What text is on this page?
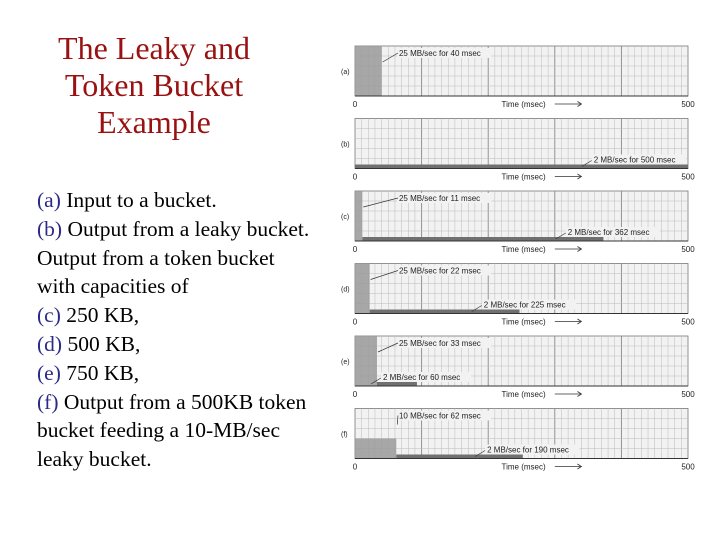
The Leaky and
Token Bucket
Example
(a) Input to a bucket.
(b) Output from a leaky bucket.
Output from a token bucket with capacities of
(c) 250 KB,
(d) 500 KB,
(e) 750 KB,
(f) Output from a 500KB token bucket feeding a 10-MB/sec leaky bucket.
(a)
0	500
Time (msec)
25 MB/sec for 40 msec
(b)
0	500
Time (msec)
2 MB/sec for 500 msec
(c)
0	500
Time (msec)
25 MB/sec for 11 msec
2 MB/sec for 362 msec
(d)
0	500
Time (msec)
25 MB/sec for 22 msec
2 MB/sec for 225 msec
(e)
0	500
Time (msec)
25 MB/sec for 33 msec
2 MB/sec for 60 msec
(f)
0	500
Time (msec)
10 MB/sec for 62 msec
2 MB/sec for 190 msec
